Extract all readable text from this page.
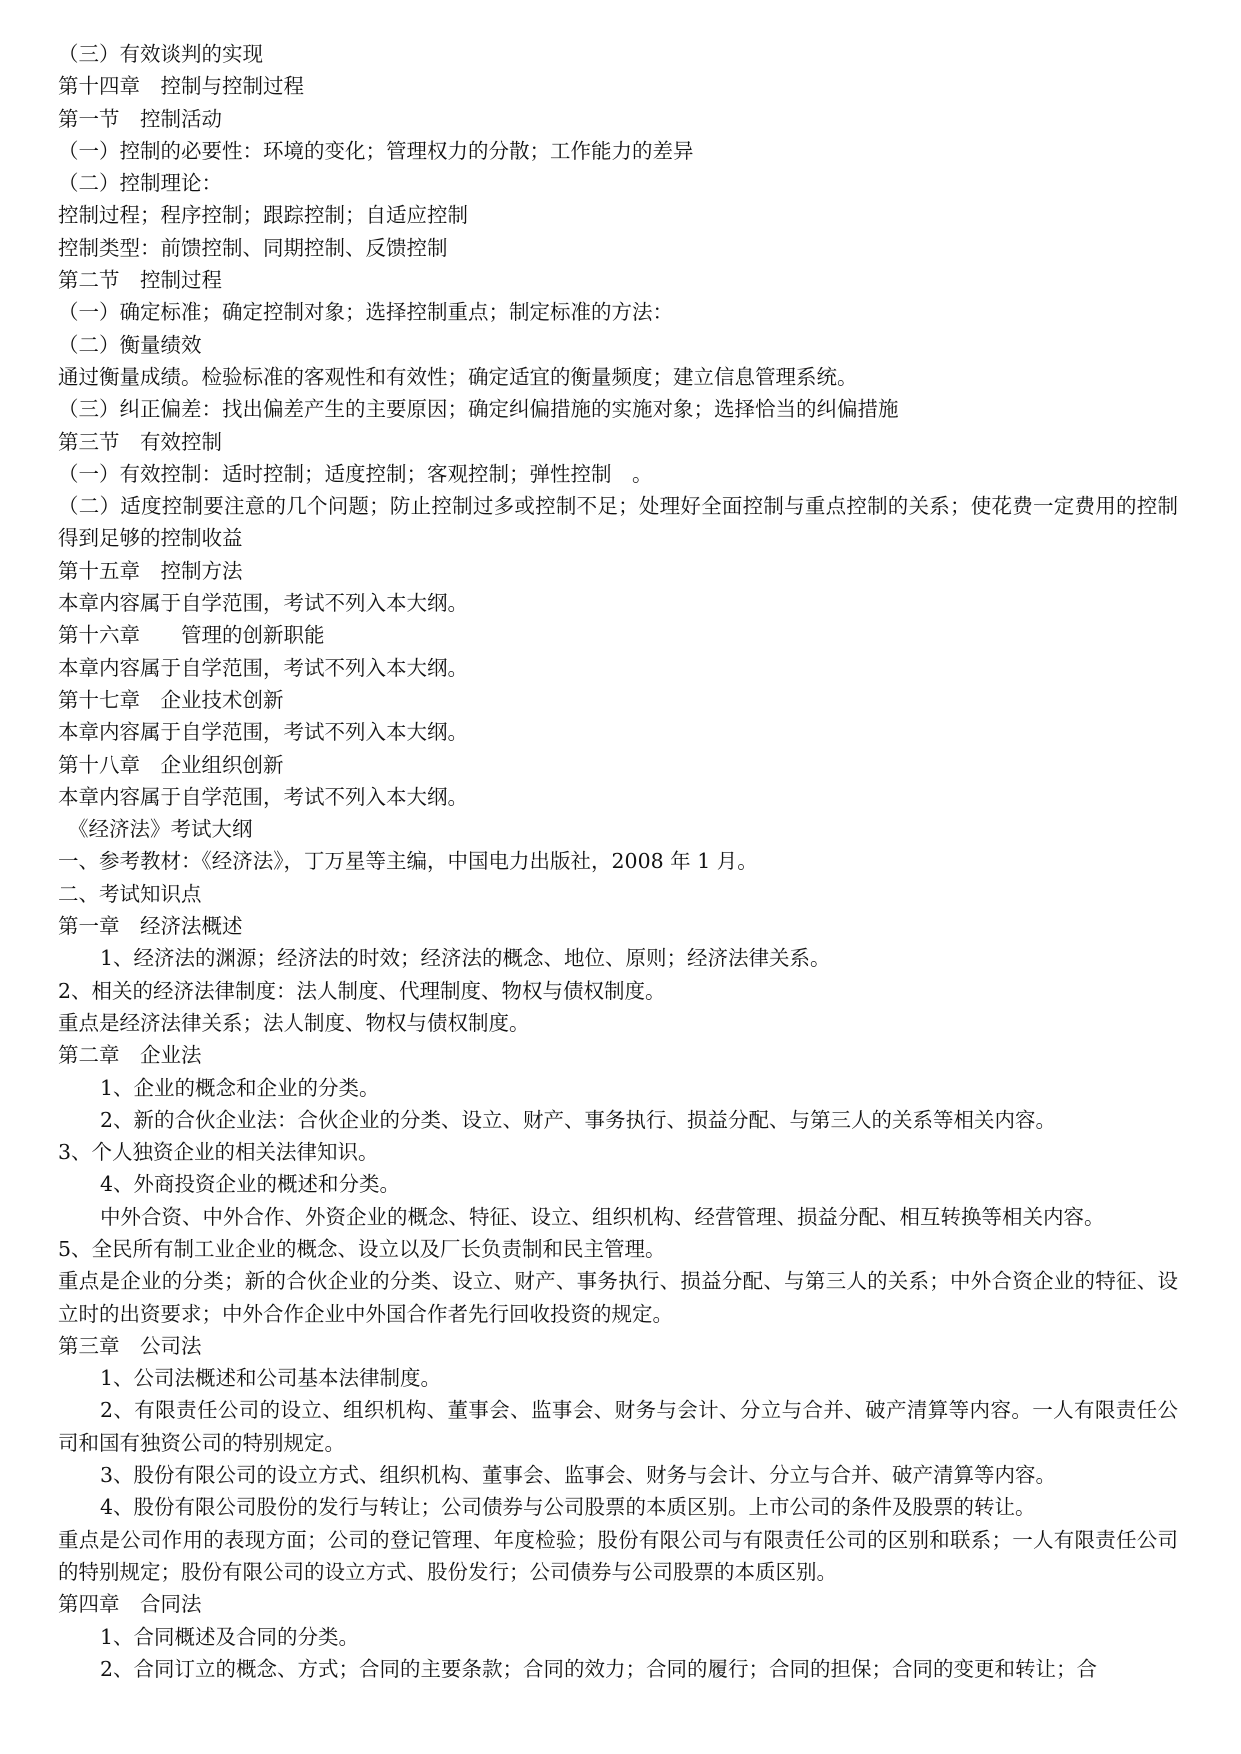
（三）有效谈判的实现
第十四章　控制与控制过程
第一节　控制活动
（一）控制的必要性：环境的变化；管理权力的分散；工作能力的差异
（二）控制理论：
控制过程；程序控制；跟踪控制；自适应控制
控制类型：前馈控制、同期控制、反馈控制
第二节　控制过程
（一）确定标准；确定控制对象；选择控制重点；制定标准的方法：
（二）衡量绩效
通过衡量成绩。检验标准的客观性和有效性；确定适宜的衡量频度；建立信息管理系统。
（三）纠正偏差：找出偏差产生的主要原因；确定纠偏措施的实施对象；选择恰当的纠偏措施
第三节　有效控制
（一）有效控制：适时控制；适度控制；客观控制；弹性控制　。
（二）适度控制要注意的几个问题；防止控制过多或控制不足；处理好全面控制与重点控制的关系；使花费一定费用的控制得到足够的控制收益
第十五章　控制方法
本章内容属于自学范围，考试不列入本大纲。
第十六章　　管理的创新职能
本章内容属于自学范围，考试不列入本大纲。
第十七章　企业技术创新
本章内容属于自学范围，考试不列入本大纲。
第十八章　企业组织创新
本章内容属于自学范围，考试不列入本大纲。
《经济法》考试大纲
一、参考教材：《经济法》，丁万星等主编，中国电力出版社，2008 年 1 月。
二、考试知识点
第一章　经济法概述
1、经济法的渊源；经济法的时效；经济法的概念、地位、原则；经济法律关系。
2、相关的经济法律制度：法人制度、代理制度、物权与债权制度。
重点是经济法律关系；法人制度、物权与债权制度。
第二章　企业法
1、企业的概念和企业的分类。
2、新的合伙企业法：合伙企业的分类、设立、财产、事务执行、损益分配、与第三人的关系等相关内容。
3、个人独资企业的相关法律知识。
4、外商投资企业的概述和分类。
中外合资、中外合作、外资企业的概念、特征、设立、组织机构、经营管理、损益分配、相互转换等相关内容。
5、全民所有制工业企业的概念、设立以及厂长负责制和民主管理。
重点是企业的分类；新的合伙企业的分类、设立、财产、事务执行、损益分配、与第三人的关系；中外合资企业的特征、设立时的出资要求；中外合作企业中外国合作者先行回收投资的规定。
第三章　公司法
1、公司法概述和公司基本法律制度。
2、有限责任公司的设立、组织机构、董事会、监事会、财务与会计、分立与合并、破产清算等内容。一人有限责任公司和国有独资公司的特别规定。
3、股份有限公司的设立方式、组织机构、董事会、监事会、财务与会计、分立与合并、破产清算等内容。
4、股份有限公司股份的发行与转让；公司债券与公司股票的本质区别。上市公司的条件及股票的转让。
重点是公司作用的表现方面；公司的登记管理、年度检验；股份有限公司与有限责任公司的区别和联系；一人有限责任公司的特别规定；股份有限公司的设立方式、股份发行；公司债券与公司股票的本质区别。
第四章　合同法
1、合同概述及合同的分类。
2、合同订立的概念、方式；合同的主要条款；合同的效力；合同的履行；合同的担保；合同的变更和转让；合
